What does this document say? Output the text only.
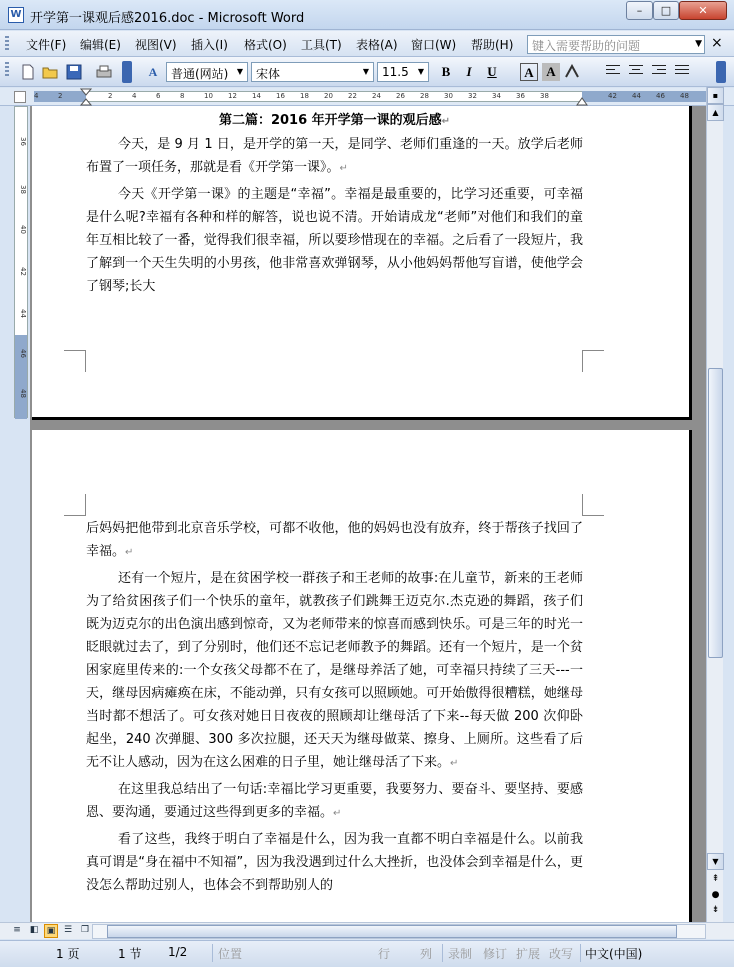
W 开学第一课观后感2016.doc - Microsoft Word
–	□	✕
文件(F) 编辑(E) 视图(V) 插入(I) 格式(O) 工具(T) 表格(A) 窗口(W) 帮助(H)	键入需要帮助的问题	▼ ×
A	普通(网站)	▼	宋体	▼	11.5	▼	B	I	U	A A
4	2	2	4	6	8	10 12 14 16 18 20 22 24 26 28 30 32 34 36 38	42 44 46 48
36
38
40
42
44
46
48

第二篇：2016 年开学第一课的观后感↵

今天，是 9 月 1 日，是开学的第一天，是同学、老师们重逢的一天。放学后老师布置了一项任务，那就是看《开学第一课》。↵

今天《开学第一课》的主题是“幸福”。幸福是最重要的，比学习还重要，可幸福是什么呢?幸福有各种和样的解答，说也说不清。开始请成龙“老师”对他们和我们的童年互相比较了一番，觉得我们很幸福，所以要珍惜现在的幸福。之后看了一段短片，我了解到一个天生失明的小男孩，他非常喜欢弹钢琴，从小他妈妈帮他写盲谱，使他学会了钢琴;长大

后妈妈把他带到北京音乐学校，可都不收他，他的妈妈也没有放弃，终于帮孩子找回了幸福。↵

还有一个短片，是在贫困学校一群孩子和王老师的故事:在儿童节，新来的王老师为了给贫困孩子们一个快乐的童年，就教孩子们跳舞王迈克尔.杰克逊的舞蹈，孩子们既为迈克尔的出色演出感到惊奇，又为老师带来的惊喜而感到快乐。可是三年的时光一眨眼就过去了，到了分别时，他们还不忘记老师教予的舞蹈。还有一个短片，是一个贫困家庭里传来的:一个女孩父母都不在了，是继母养活了她，可幸福只持续了三天---一天，继母因病瘫痪在床，不能动弹，只有女孩可以照顾她。可开始傲得很糟糕，她继母当时都不想活了。可女孩对她日日夜夜的照顾却让继母活了下来--每天做 200 次仰卧起坐，240 次弹腿、300 多次拉腿，还天天为继母做菜、擦身、上厕所。这些看了后无不让人感动，因为在这么困难的日子里，她让继母活了下来。↵

在这里我总结出了一句话:幸福比学习更重要，我要努力、要奋斗、要坚持、要感恩、要沟通，要通过这些得到更多的幸福。↵

看了这些，我终于明白了幸福是什么，因为我一直都不明白幸福是什么。以前我真可谓是“身在福中不知福”，因为我没遇到过什么大挫折，也没体会到幸福是什么，更没怎么帮助过别人，也体会不到帮助别人的

▪
▲
▼
⇞
●
⇟
≡ ◧ ▣ ☰ ❐
1 页	1 节 1/2	位置	行 列 录制 修订 扩展 改写 中文(中国)
